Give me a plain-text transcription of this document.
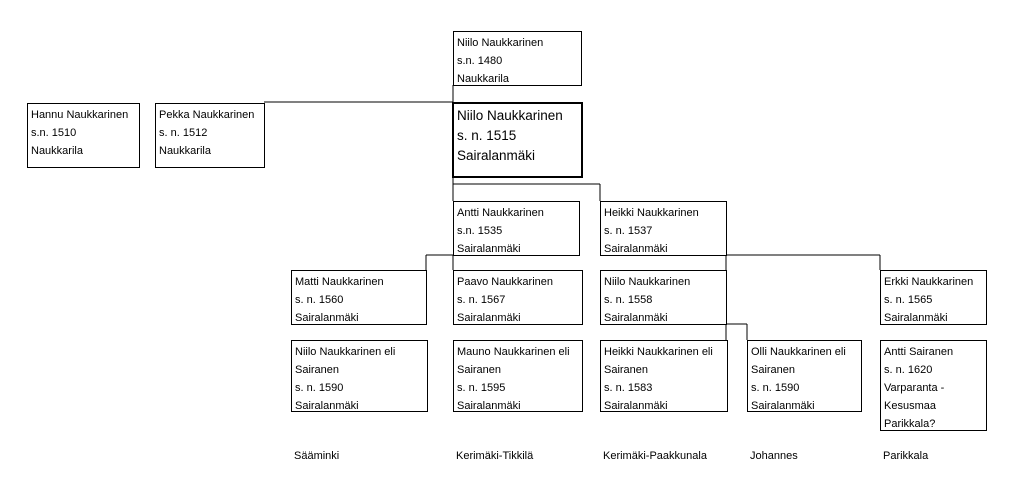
Niilo Naukkarinen
s.n. 1480
Naukkarila
Hannu Naukkarinen
s.n. 1510
Naukkarila
Pekka Naukkarinen
s. n. 1512
Naukkarila
Niilo Naukkarinen
s. n. 1515
Sairalanmäki
Antti Naukkarinen
s.n. 1535
Sairalanmäki
Heikki Naukkarinen
s. n. 1537
Sairalanmäki
Matti Naukkarinen
s. n. 1560
Sairalanmäki
Paavo Naukkarinen
s. n. 1567
Sairalanmäki
Niilo Naukkarinen
s. n. 1558
Sairalanmäki
Erkki Naukkarinen
s. n. 1565
Sairalanmäki
Niilo Naukkarinen eli
Sairanen
s. n. 1590
Sairalanmäki
Mauno Naukkarinen eli
Sairanen
s. n. 1595
Sairalanmäki
Heikki Naukkarinen eli
Sairanen
s. n. 1583
Sairalanmäki
Olli Naukkarinen eli
Sairanen
s. n. 1590
Sairalanmäki
Antti Sairanen
s. n. 1620
Varparanta -
Kesusmaa
Parikkala?
Sääminki	Kerimäki-Tikkilä	Kerimäki-Paakkunala	Johannes	Parikkala
